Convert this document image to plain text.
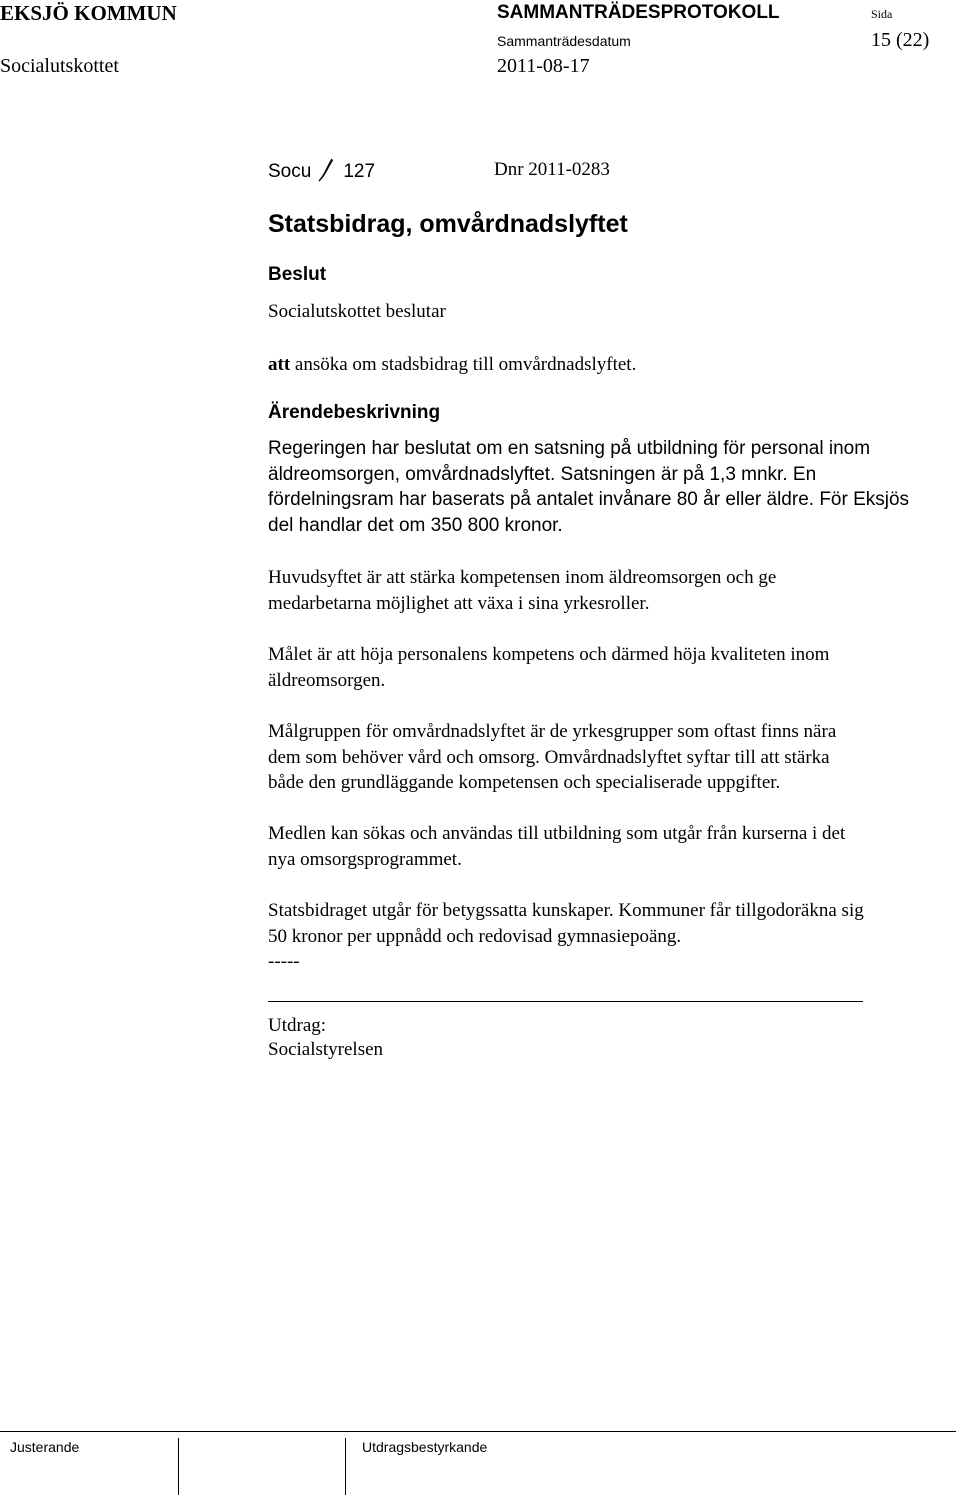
EKSJÖ KOMMUN
Socialutskottet
SAMMANTRÄDESPROTOKOLL
Sammanträdesdatum
2011-08-17
Sida
15 (22)
Socu 127	Dnr 2011-0283
Statsbidrag, omvårdnadslyftet
Beslut
Socialutskottet beslutar
att ansöka om stadsbidrag till omvårdnadslyftet.
Ärendebeskrivning
Regeringen har beslutat om en satsning på utbildning för personal inom
äldreomsorgen, omvårdnadslyftet. Satsningen är på 1,3 mnkr. En
fördelningsram har baserats på antalet invånare 80 år eller äldre. För Eksjös
del handlar det om 350 800 kronor.
Huvudsyftet är att stärka kompetensen inom äldreomsorgen och ge
medarbetarna möjlighet att växa i sina yrkesroller.
Målet är att höja personalens kompetens och därmed höja kvaliteten inom
äldreomsorgen.
Målgruppen för omvårdnadslyftet är de yrkesgrupper som oftast finns nära
dem som behöver vård och omsorg. Omvårdnadslyftet syftar till att stärka
både den grundläggande kompetensen och specialiserade uppgifter.
Medlen kan sökas och användas till utbildning som utgår från kurserna i det
nya omsorgsprogrammet.
Statsbidraget utgår för betygssatta kunskaper. Kommuner får tillgodoräkna sig
50 kronor per uppnådd och redovisad gymnasiepoäng.
-----
Utdrag:
Socialstyrelsen
Justerande	Utdragsbestyrkande
